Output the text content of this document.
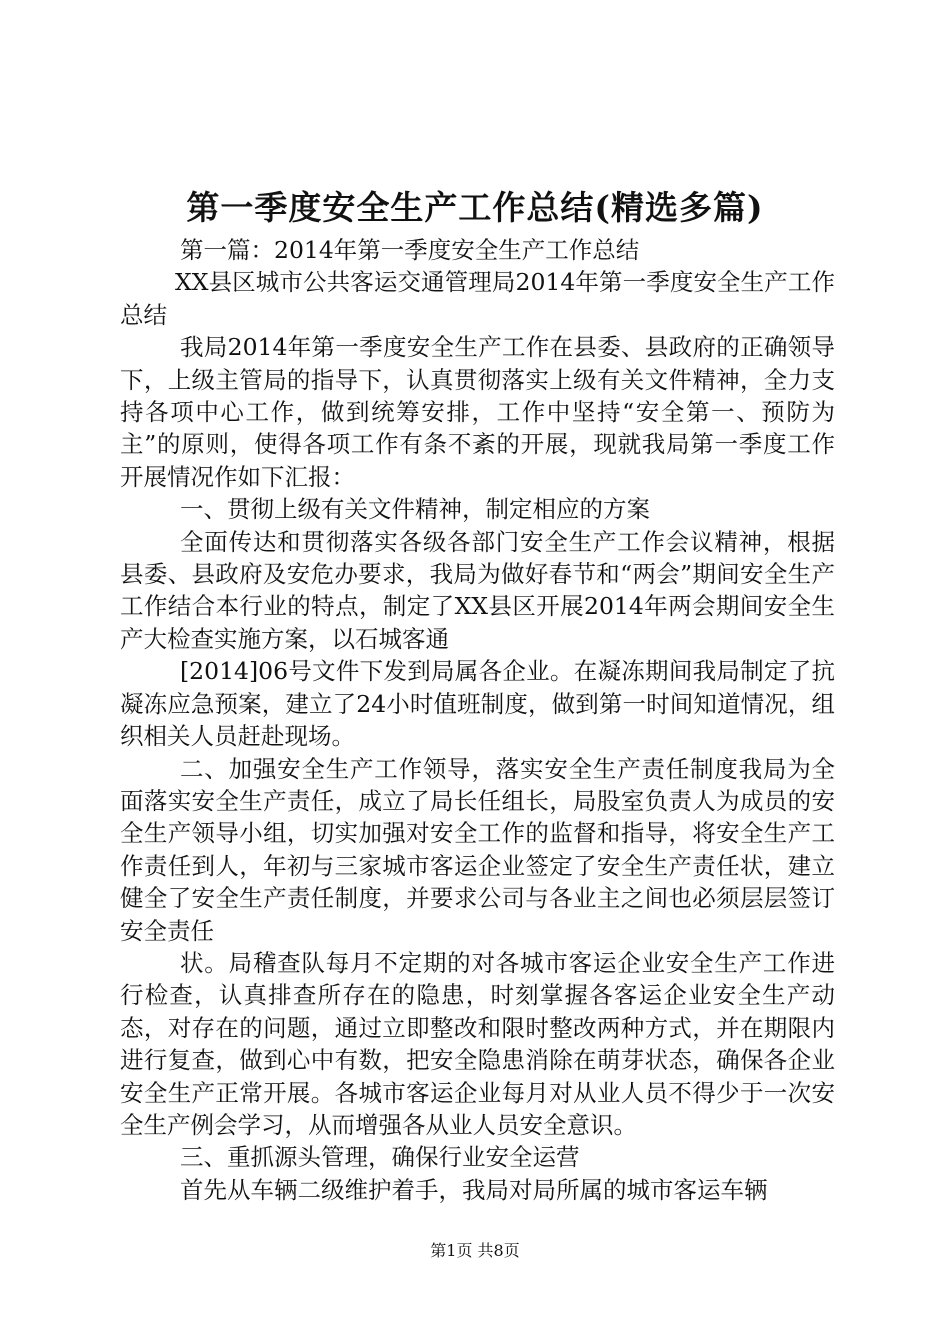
第一季度安全生产工作总结(精选多篇)

第一篇：2014年第一季度安全生产工作总结

XX县区城市公共客运交通管理局2014年第一季度安全生产工作总结

我局2014年第一季度安全生产工作在县委、县政府的正确领导下，上级主管局的指导下，认真贯彻落实上级有关文件精神，全力支持各项中心工作，做到统筹安排，工作中坚持“安全第一、预防为主”的原则，使得各项工作有条不紊的开展，现就我局第一季度工作开展情况作如下汇报：

一、贯彻上级有关文件精神，制定相应的方案

全面传达和贯彻落实各级各部门安全生产工作会议精神，根据县委、县政府及安危办要求，我局为做好春节和“两会”期间安全生产工作结合本行业的特点，制定了XX县区开展2014年两会期间安全生产大检查实施方案，以石城客通

[2014]06号文件下发到局属各企业。在凝冻期间我局制定了抗凝冻应急预案，建立了24小时值班制度，做到第一时间知道情况，组织相关人员赶赴现场。

二、加强安全生产工作领导，落实安全生产责任制度我局为全面落实安全生产责任，成立了局长任组长，局股室负责人为成员的安全生产领导小组，切实加强对安全工作的监督和指导，将安全生产工作责任到人，年初与三家城市客运企业签定了安全生产责任状，建立健全了安全生产责任制度，并要求公司与各业主之间也必须层层签订安全责任

状。局稽查队每月不定期的对各城市客运企业安全生产工作进行检查，认真排查所存在的隐患，时刻掌握各客运企业安全生产动态，对存在的问题，通过立即整改和限时整改两种方式，并在期限内进行复查，做到心中有数，把安全隐患消除在萌芽状态，确保各企业安全生产正常开展。各城市客运企业每月对从业人员不得少于一次安全生产例会学习，从而增强各从业人员安全意识。

三、重抓源头管理，确保行业安全运营

首先从车辆二级维护着手，我局对局所属的城市客运车辆

第1页 共8页
